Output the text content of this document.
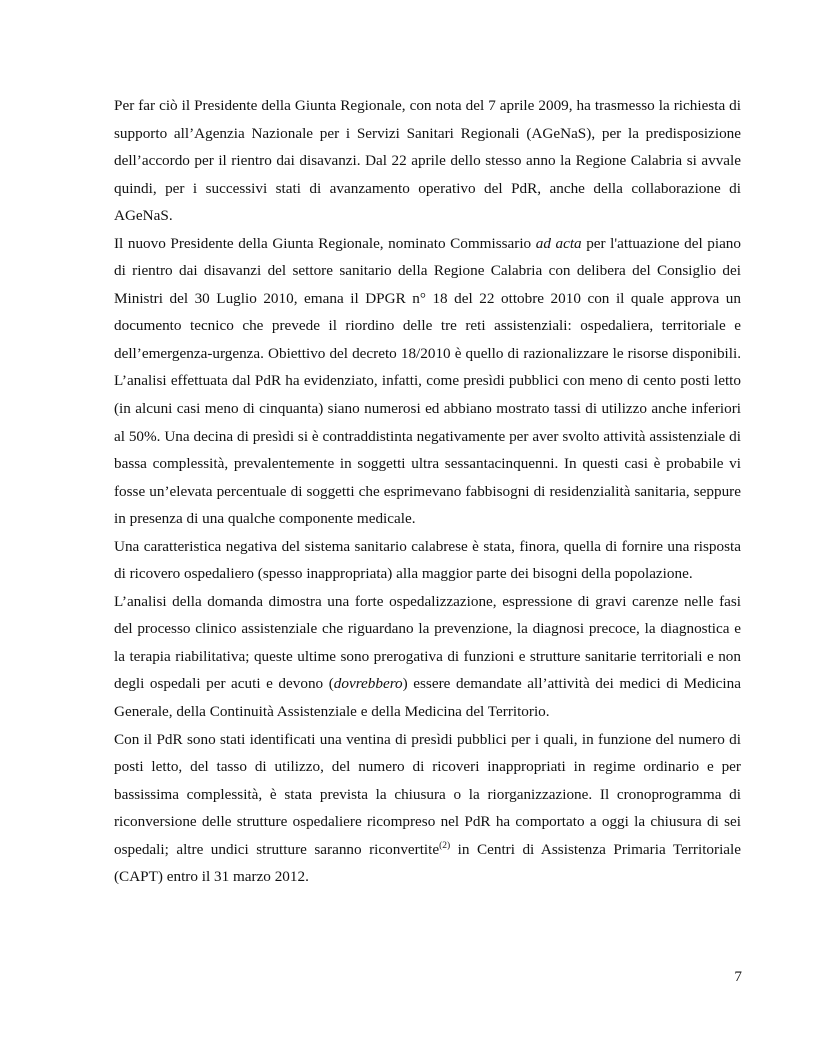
Per far ciò il Presidente della Giunta Regionale, con nota del 7 aprile 2009, ha trasmesso la richiesta di supporto all’Agenzia Nazionale per i Servizi Sanitari Regionali (AGeNaS), per la predisposizione dell’accordo per il rientro dai disavanzi. Dal 22 aprile dello stesso anno la Regione Calabria si avvale quindi, per i successivi stati di avanzamento operativo del PdR, anche della collaborazione di AGeNaS.

Il nuovo Presidente della Giunta Regionale, nominato Commissario ad acta per l'attuazione del piano di rientro dai disavanzi del settore sanitario della Regione Calabria con delibera del Consiglio dei Ministri del 30 Luglio 2010, emana il DPGR n° 18 del 22 ottobre 2010 con il quale approva un documento tecnico che prevede il riordino delle tre reti assistenziali: ospedaliera, territoriale e dell’emergenza-urgenza. Obiettivo del decreto 18/2010 è quello di razionalizzare le risorse disponibili. L’analisi effettuata dal PdR ha evidenziato, infatti, come presìdi pubblici con meno di cento posti letto (in alcuni casi meno di cinquanta) siano numerosi ed abbiano mostrato tassi di utilizzo anche inferiori al 50%. Una decina di presìdi si è contraddistinta negativamente per aver svolto attività assistenziale di bassa complessità, prevalentemente in soggetti ultra sessantacinquenni. In questi casi è probabile vi fosse un’elevata percentuale di soggetti che esprimevano fabbisogni di residenzialità sanitaria, seppure in presenza di una qualche componente medicale.

Una caratteristica negativa del sistema sanitario calabrese è stata, finora, quella di fornire una risposta di ricovero ospedaliero (spesso inappropriata) alla maggior parte dei bisogni della popolazione.

L’analisi della domanda dimostra una forte ospedalizzazione, espressione di gravi carenze nelle fasi del processo clinico assistenziale che riguardano la prevenzione, la diagnosi precoce, la diagnostica e la terapia riabilitativa; queste ultime sono prerogativa di funzioni e strutture sanitarie territoriali e non degli ospedali per acuti e devono (dovrebbero) essere demandate all’attività dei medici di Medicina Generale, della Continuità Assistenziale e della Medicina del Territorio.

Con il PdR sono stati identificati una ventina di presìdi pubblici per i quali, in funzione del numero di posti letto, del tasso di utilizzo, del numero di ricoveri inappropriati in regime ordinario e per bassissima complessità, è stata prevista la chiusura o la riorganizzazione. Il cronoprogramma di riconversione delle strutture ospedaliere ricompreso nel PdR ha comportato a oggi la chiusura di sei ospedali; altre undici strutture saranno riconvertite$^{(2)}$ in Centri di Assistenza Primaria Territoriale (CAPT) entro il 31 marzo 2012.

7
